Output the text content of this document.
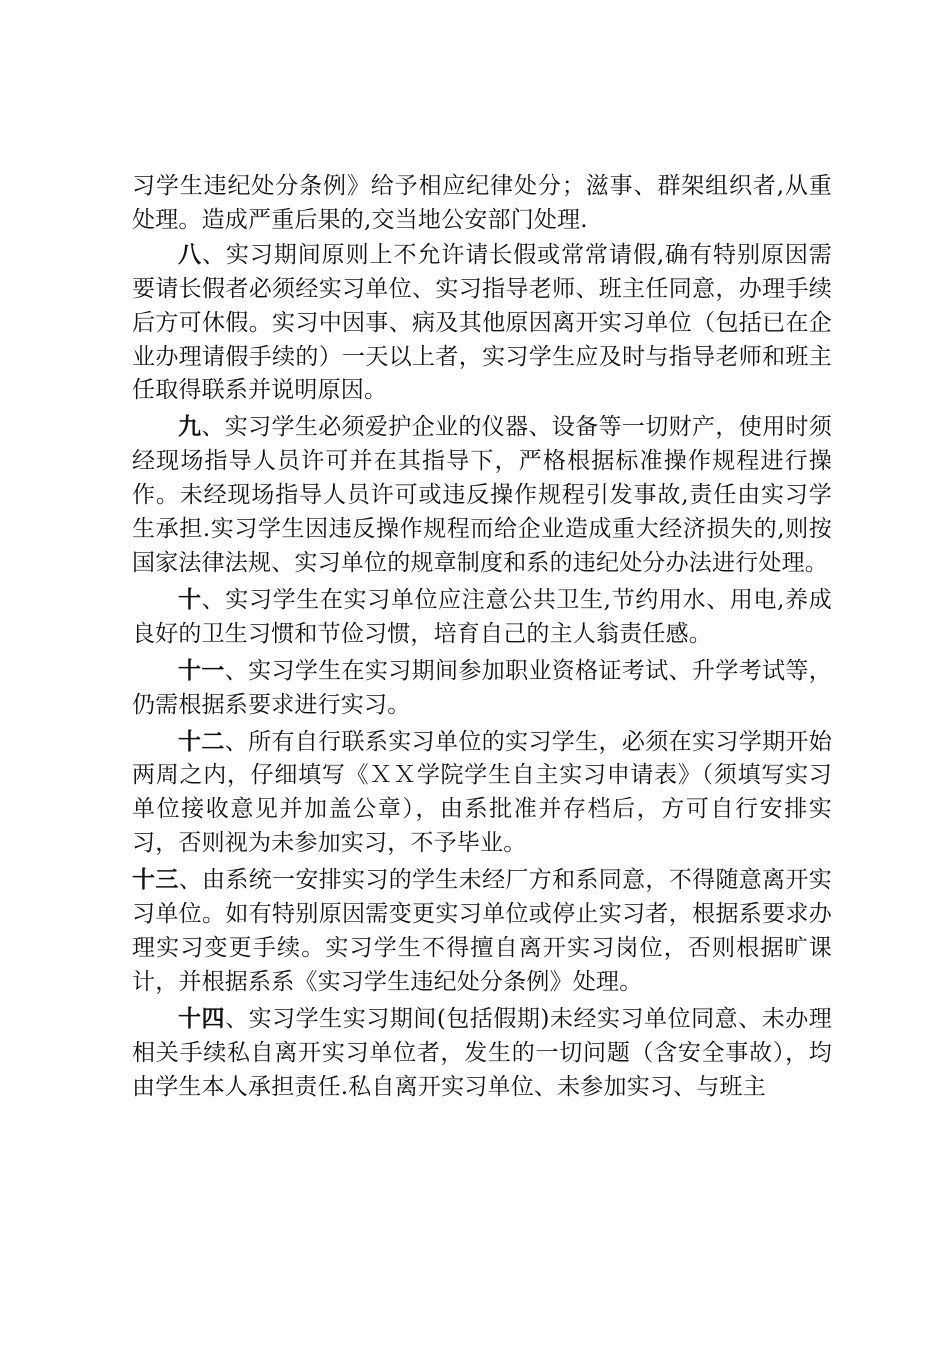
习学生违纪处分条例》给予相应纪律处分；滋事、群架组织者,从重处理。造成严重后果的,交当地公安部门处理.

八、实习期间原则上不允许请长假或常常请假,确有特别原因需要请长假者必须经实习单位、实习指导老师、班主任同意，办理手续后方可休假。实习中因事、病及其他原因离开实习单位（包括已在企业办理请假手续的）一天以上者，实习学生应及时与指导老师和班主任取得联系并说明原因。

九、实习学生必须爱护企业的仪器、设备等一切财产，使用时须经现场指导人员许可并在其指导下，严格根据标准操作规程进行操作。未经现场指导人员许可或违反操作规程引发事故,责任由实习学生承担.实习学生因违反操作规程而给企业造成重大经济损失的,则按国家法律法规、实习单位的规章制度和系的违纪处分办法进行处理。

十、实习学生在实习单位应注意公共卫生,节约用水、用电,养成良好的卫生习惯和节俭习惯，培育自己的主人翁责任感。

十一、实习学生在实习期间参加职业资格证考试、升学考试等，仍需根据系要求进行实习。

十二、所有自行联系实习单位的实习学生，必须在实习学期开始两周之内，仔细填写《ＸＸ学院学生自主实习申请表》（须填写实习单位接收意见并加盖公章），由系批准并存档后，方可自行安排实习，否则视为未参加实习，不予毕业。

十三、由系统一安排实习的学生未经厂方和系同意，不得随意离开实习单位。如有特别原因需变更实习单位或停止实习者，根据系要求办理实习变更手续。实习学生不得擅自离开实习岗位，否则根据旷课计，并根据系系《实习学生违纪处分条例》处理。

十四、实习学生实习期间(包括假期)未经实习单位同意、未办理相关手续私自离开实习单位者，发生的一切问题（含安全事故），均由学生本人承担责任.私自离开实习单位、未参加实习、与班主
